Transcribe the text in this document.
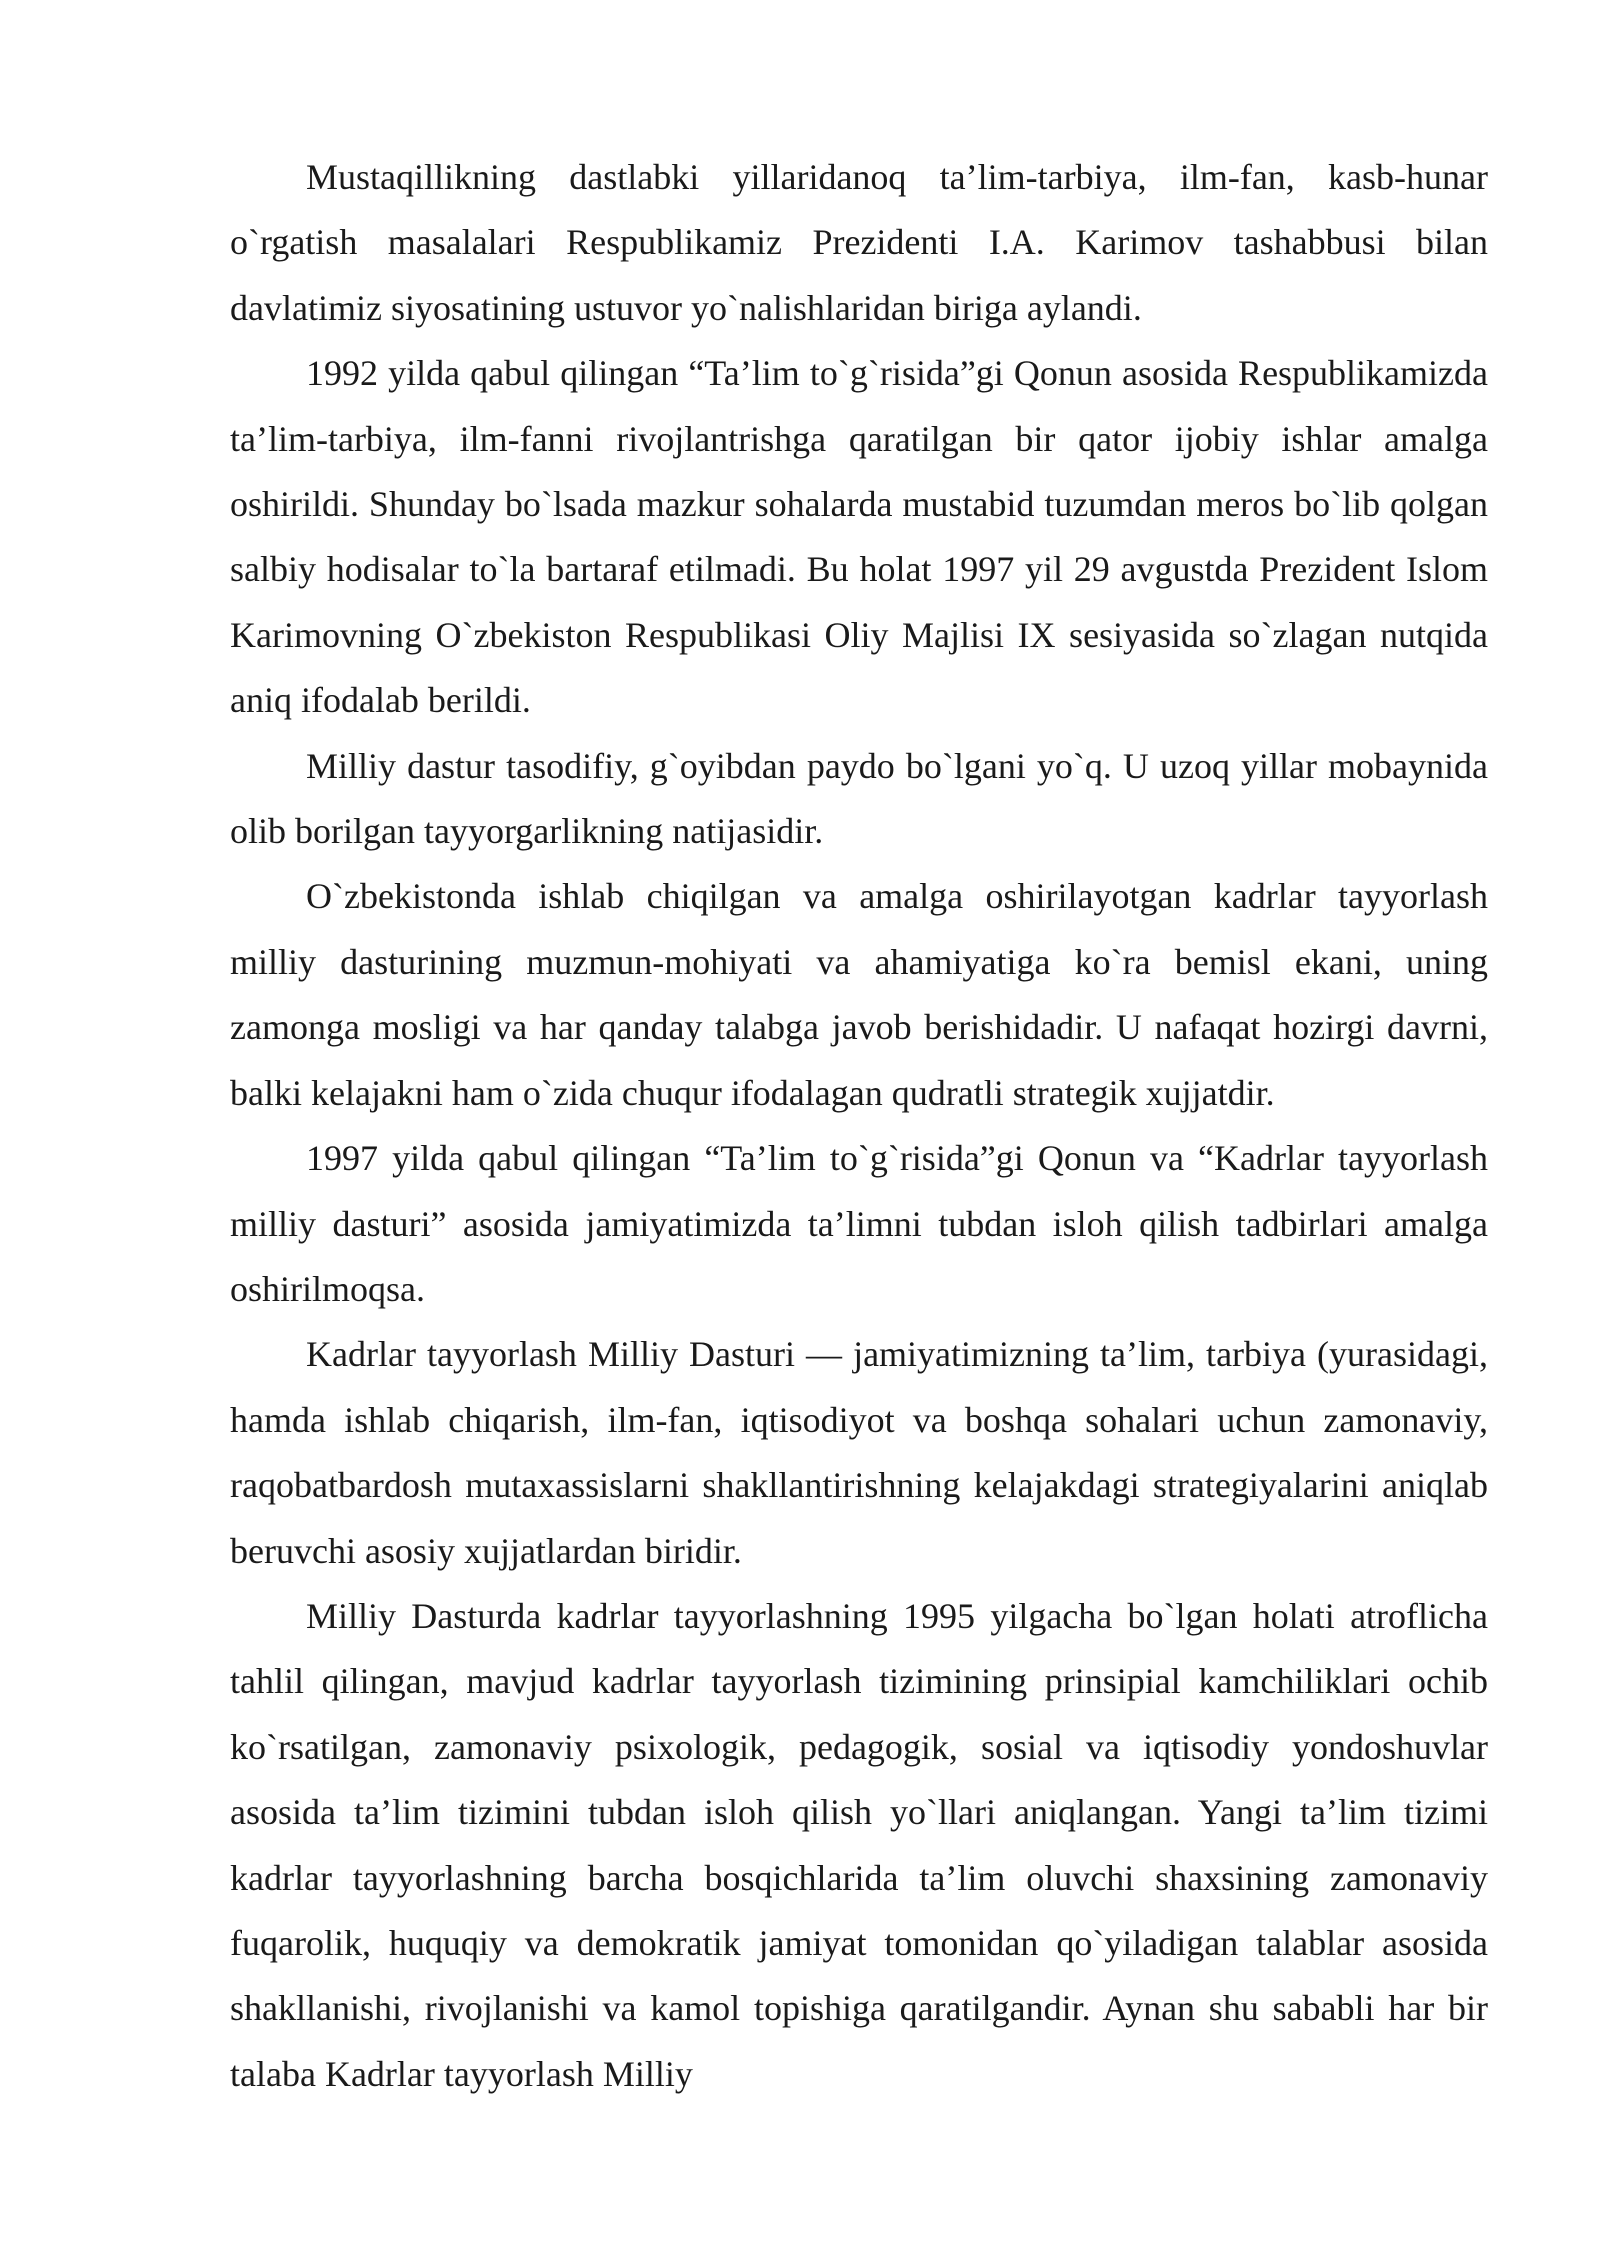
Mustaqillikning dastlabki yillaridanoq ta’lim-tarbiya, ilm-fan, kasb-hunar o`rgatish masalalari Respublikamiz Prezidenti I.A. Karimov tashabbusi bilan davlatimiz siyosatining ustuvor yo`nalishlaridan biriga aylandi.

1992 yilda qabul qilingan “Ta’lim to`g`risida”gi Qonun asosida Respublikamizda ta’lim-tarbiya, ilm-fanni rivojlantrishga qaratilgan bir qator ijobiy ishlar amalga oshirildi. Shunday bo`lsada mazkur sohalarda mustabid tuzumdan meros bo`lib qolgan salbiy hodisalar to`la bartaraf etilmadi. Bu holat 1997 yil 29 avgustda Prezident Islom Karimovning O`zbekiston Respublikasi Oliy Majlisi IX sesiyasida so`zlagan nutqida aniq ifodalab berildi.

Milliy dastur tasodifiy, g`oyibdan paydo bo`lgani yo`q. U uzoq yillar mobaynida olib borilgan tayyorgarlikning natijasidir.

O`zbekistonda ishlab chiqilgan va amalga oshirilayotgan kadrlar tayyorlash milliy dasturining muzmun-mohiyati va ahamiyatiga ko`ra bemisl ekani, uning zamonga mosligi va har qanday talabga javob berishidadir. U nafaqat hozirgi davrni, balki kelajakni ham o`zida chuqur ifodalagan qudratli strategik xujjatdir.

1997 yilda qabul qilingan “Ta’lim to`g`risida”gi Qonun va “Kadrlar tayyorlash milliy dasturi” asosida jamiyatimizda ta’limni tubdan isloh qilish tadbirlari amalga oshirilmoqsa.

Kadrlar tayyorlash Milliy Dasturi — jamiyatimizning ta’lim, tarbiya (yurasidagi, hamda ishlab chiqarish, ilm-fan, iqtisodiyot va boshqa sohalari uchun zamonaviy, raqobatbardosh mutaxassislarni shakllantirishning kelajakdagi strategiyalarini aniqlab beruvchi asosiy xujjatlardan biridir.

Milliy Dasturda kadrlar tayyorlashning 1995 yilgacha bo`lgan holati atroflicha tahlil qilingan, mavjud kadrlar tayyorlash tizimining prinsipial kamchiliklari ochib ko`rsatilgan, zamonaviy psixologik, pedagogik, sosial va iqtisodiy yondoshuvlar asosida ta’lim tizimini tubdan isloh qilish yo`llari aniqlangan. Yangi ta’lim tizimi kadrlar tayyorlashning barcha bosqichlarida ta’lim oluvchi shaxsining zamonaviy fuqarolik, huquqiy va demokratik jamiyat tomonidan qo`yiladigan talablar asosida shakllanishi, rivojlanishi va kamol topishiga qaratilgandir. Aynan shu sababli har bir talaba Kadrlar tayyorlash Milliy
